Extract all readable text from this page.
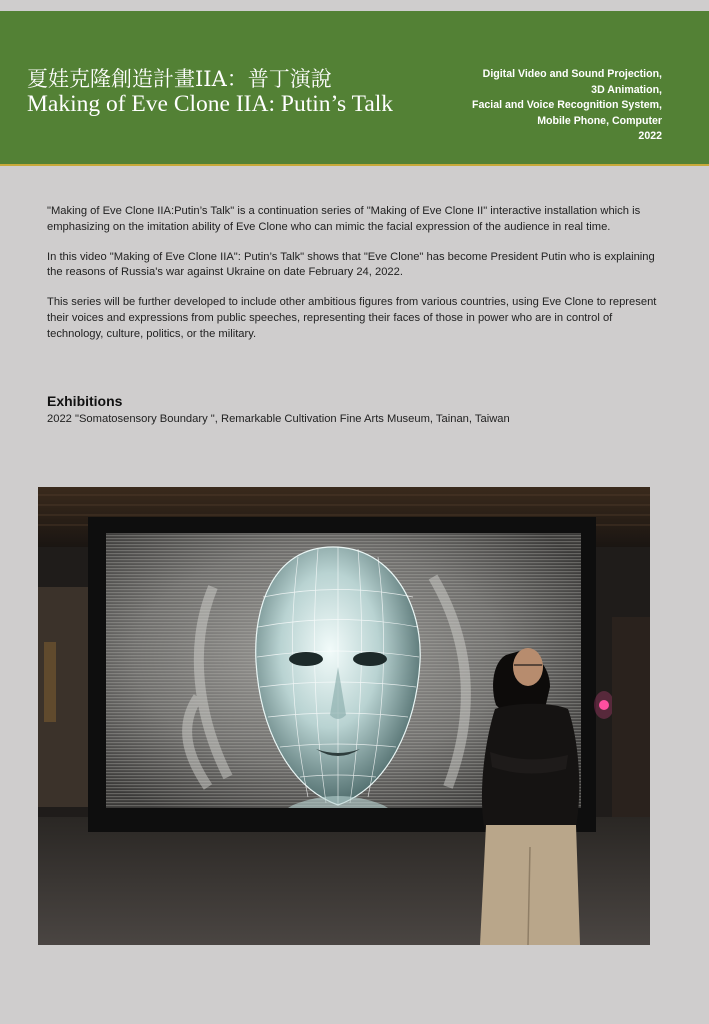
夏娃克隆創造計畫IIA：普丁演說
Making of Eve Clone IIA: Putin’s Talk
Digital Video and Sound Projection,
3D Animation,
Facial and Voice Recognition System,
Mobile Phone, Computer
2022

"Making of Eve Clone IIA:Putin’s Talk" is a continuation series of "Making of Eve Clone II" interactive installation which is emphasizing on the imitation ability of Eve Clone who can mimic the facial expression of the audience in real time.

In this video "Making of Eve Clone IIA": Putin’s Talk" shows that "Eve Clone" has become President Putin who is explaining the reasons of Russia's war against Ukraine on date February 24, 2022.

This series will be further developed to include other ambitious figures from various countries, using Eve Clone to represent their voices and expressions from public speeches, representing their faces of those in power who are in control of technology, culture, politics, or the military.

Exhibitions
2022 "Somatosensory Boundary ", Remarkable Cultivation Fine Arts Museum, Tainan, Taiwan
